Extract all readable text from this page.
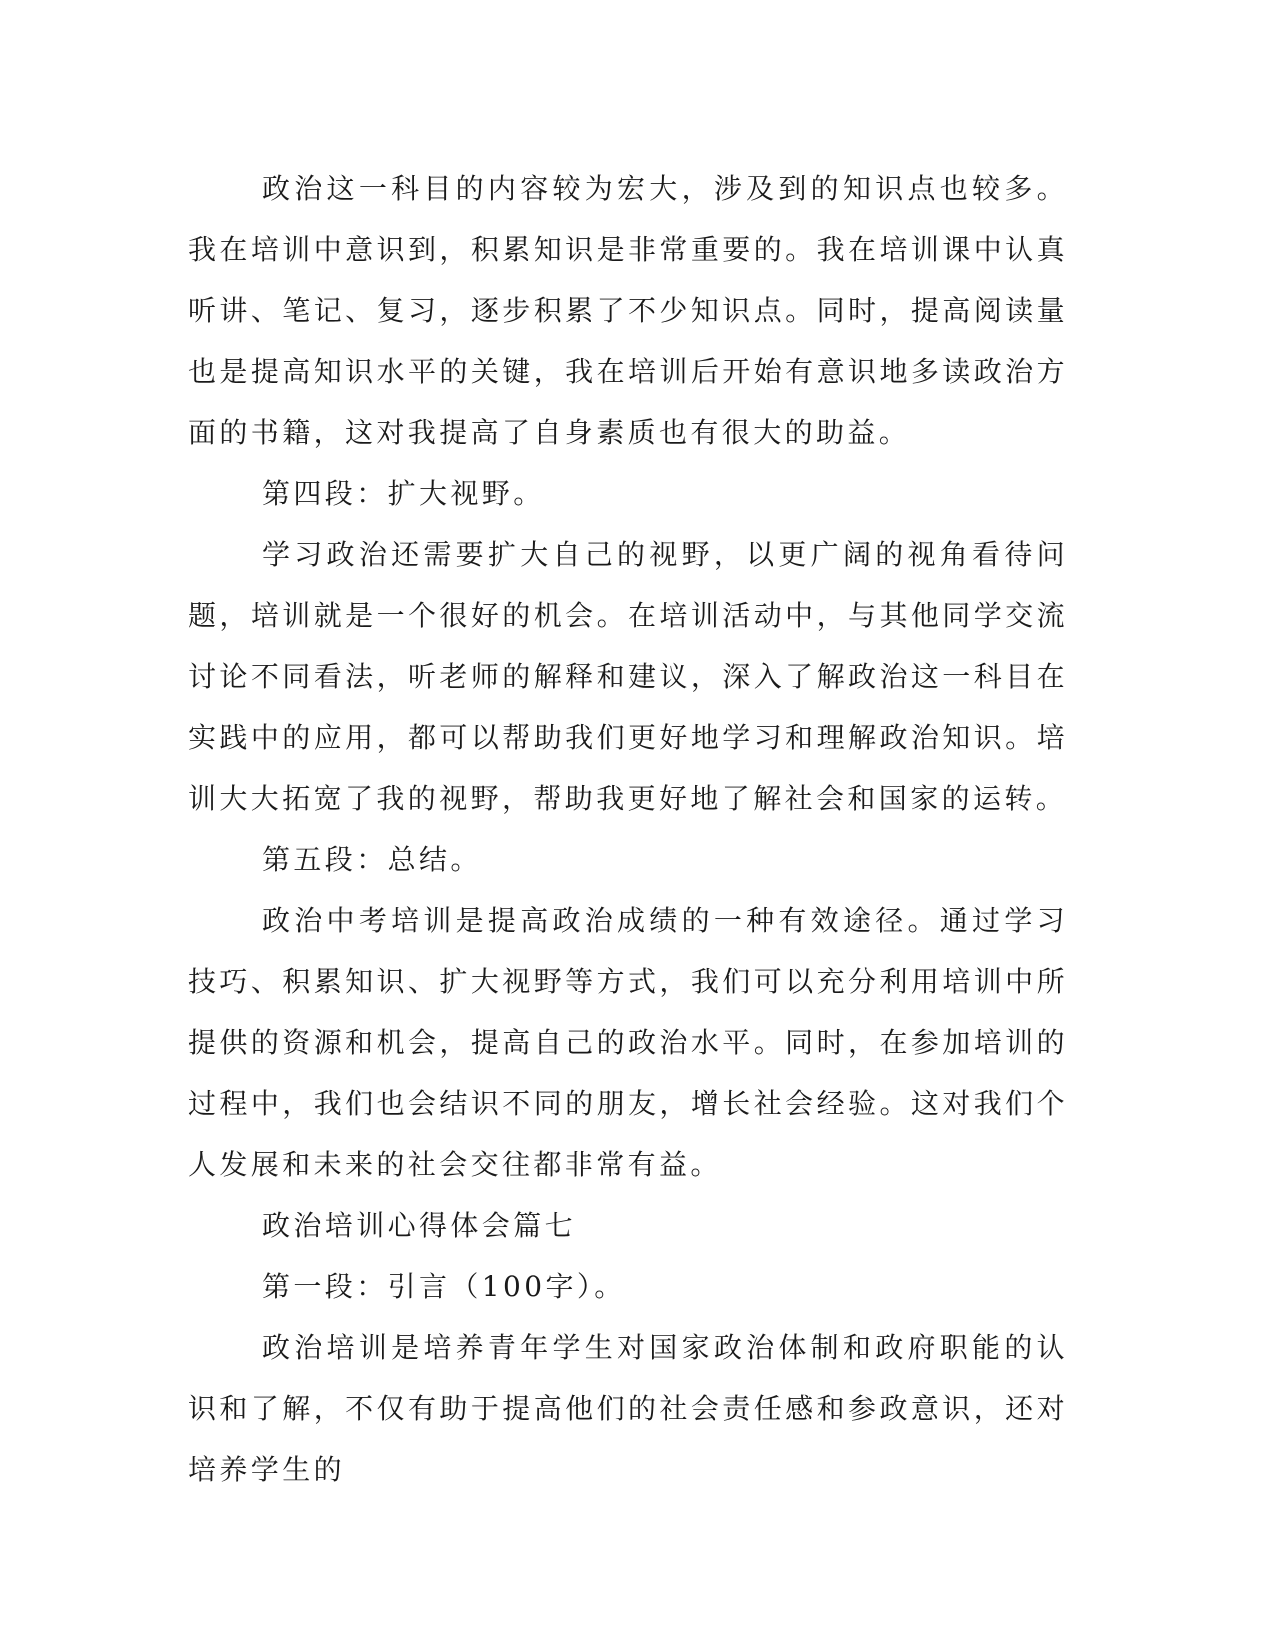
政治这一科目的内容较为宏大，涉及到的知识点也较多。我在培训中意识到，积累知识是非常重要的。我在培训课中认真听讲、笔记、复习，逐步积累了不少知识点。同时，提高阅读量也是提高知识水平的关键，我在培训后开始有意识地多读政治方面的书籍，这对我提高了自身素质也有很大的助益。

第四段：扩大视野。

学习政治还需要扩大自己的视野，以更广阔的视角看待问题，培训就是一个很好的机会。在培训活动中，与其他同学交流讨论不同看法，听老师的解释和建议，深入了解政治这一科目在实践中的应用，都可以帮助我们更好地学习和理解政治知识。培训大大拓宽了我的视野，帮助我更好地了解社会和国家的运转。

第五段：总结。

政治中考培训是提高政治成绩的一种有效途径。通过学习技巧、积累知识、扩大视野等方式，我们可以充分利用培训中所提供的资源和机会，提高自己的政治水平。同时，在参加培训的过程中，我们也会结识不同的朋友，增长社会经验。这对我们个人发展和未来的社会交往都非常有益。

政治培训心得体会篇七

第一段：引言（100字）。

政治培训是培养青年学生对国家政治体制和政府职能的认识和了解，不仅有助于提高他们的社会责任感和参政意识，还对培养学生的
